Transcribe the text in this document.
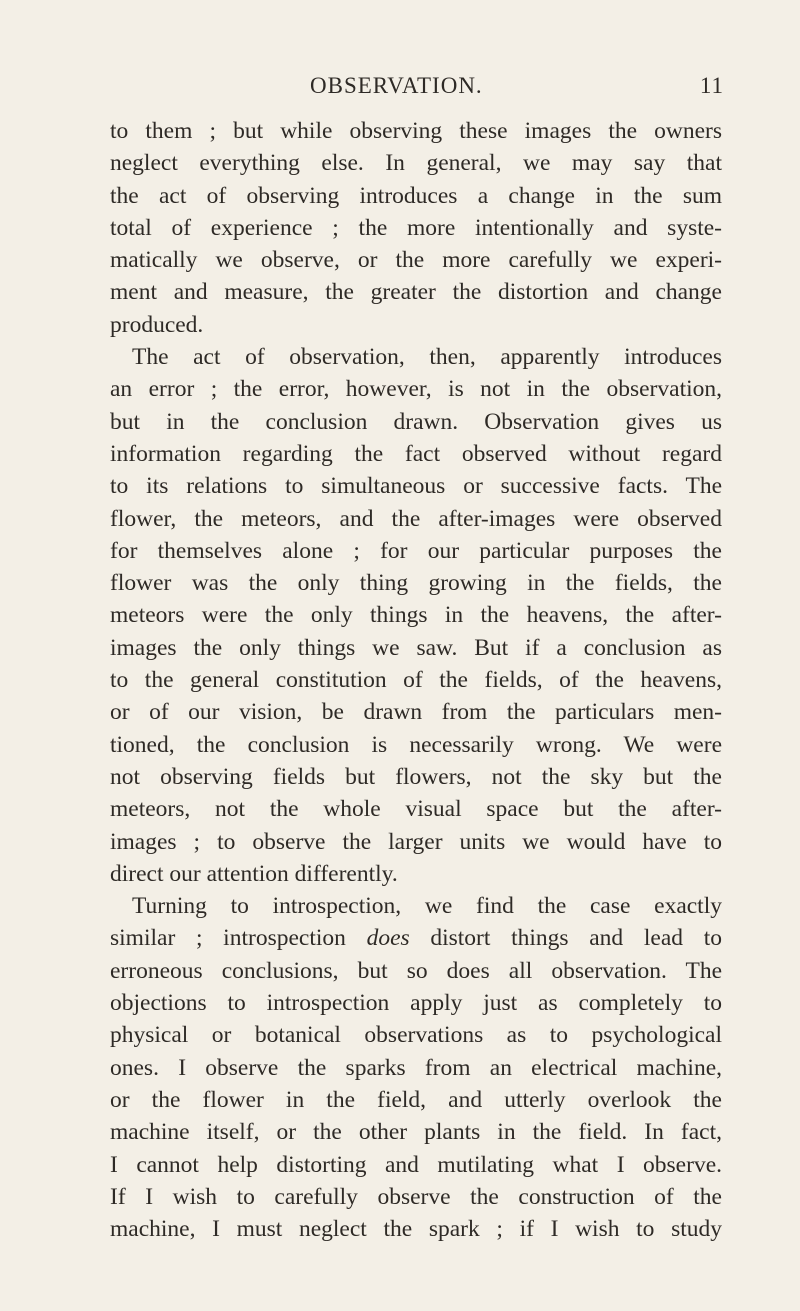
OBSERVATION.	11
to them ; but while observing these images the owners
neglect everything else. In general, we may say that
the act of observing introduces a change in the sum
total of experience ; the more intentionally and syste-
matically we observe, or the more carefully we experi-
ment and measure, the greater the distortion and change
produced.
The act of observation, then, apparently introduces
an error ; the error, however, is not in the observation,
but in the conclusion drawn. Observation gives us
information regarding the fact observed without regard
to its relations to simultaneous or successive facts. The
flower, the meteors, and the after-images were observed
for themselves alone ; for our particular purposes the
flower was the only thing growing in the fields, the
meteors were the only things in the heavens, the after-
images the only things we saw. But if a conclusion as
to the general constitution of the fields, of the heavens,
or of our vision, be drawn from the particulars men-
tioned, the conclusion is necessarily wrong. We were
not observing fields but flowers, not the sky but the
meteors, not the whole visual space but the after-
images ; to observe the larger units we would have to
direct our attention differently.
Turning to introspection, we find the case exactly
similar ; introspection does distort things and lead to
erroneous conclusions, but so does all observation. The
objections to introspection apply just as completely to
physical or botanical observations as to psychological
ones. I observe the sparks from an electrical machine,
or the flower in the field, and utterly overlook the
machine itself, or the other plants in the field. In fact,
I cannot help distorting and mutilating what I observe.
If I wish to carefully observe the construction of the
machine, I must neglect the spark ; if I wish to study
